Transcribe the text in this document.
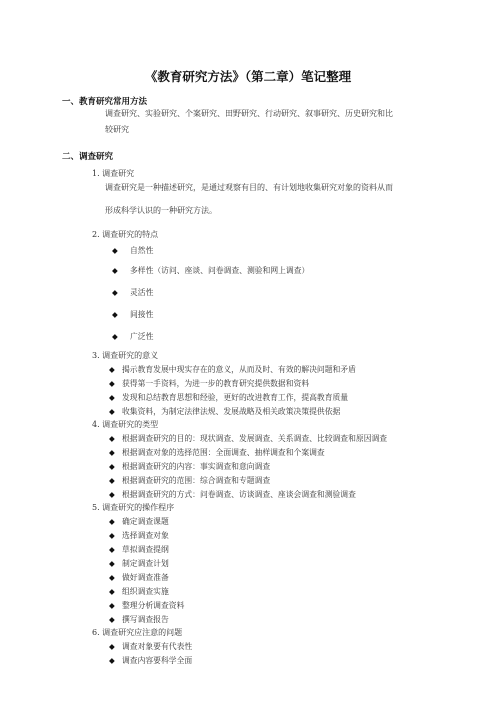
《教育研究方法》（第二章）笔记整理
一、教育研究常用方法
调查研究、实验研究、个案研究、田野研究、行动研究、叙事研究、历史研究和比
较研究
二、调查研究
1. 调查研究
调查研究是一种描述研究，是通过观察有目的、有计划地收集研究对象的资料从而
形成科学认识的一种研究方法。
2. 调查研究的特点
◆ 自然性
◆ 多样性（访问、座谈、问卷调查、测验和网上调查）
◆ 灵活性
◆ 间接性
◆ 广泛性
3. 调查研究的意义
◆ 揭示教育发展中现实存在的意义，从而及时、有效的解决问题和矛盾
◆ 获得第一手资料，为进一步的教育研究提供数据和资料
◆ 发现和总结教育思想和经验，更好的改进教育工作，提高教育质量
◆ 收集资料，为制定法律法规、发展战略及相关政策决策提供依据
4. 调查研究的类型
◆ 根据调查研究的目的：现状调查、发展调查、关系调查、比较调查和原因调查
◆ 根据调查对象的选择范围：全面调查、抽样调查和个案调查
◆ 根据调查研究的内容：事实调查和意向调查
◆ 根据调查研究的范围：综合调查和专题调查
◆ 根据调查研究的方式：问卷调查、访谈调查、座谈会调查和测验调查
5. 调查研究的操作程序
◆ 确定调查课题
◆ 选择调查对象
◆ 草拟调查提纲
◆ 制定调查计划
◆ 做好调查准备
◆ 组织调查实施
◆ 整理分析调查资料
◆ 撰写调查报告
6. 调查研究应注意的问题
◆ 调查对象要有代表性
◆ 调查内容要科学全面
